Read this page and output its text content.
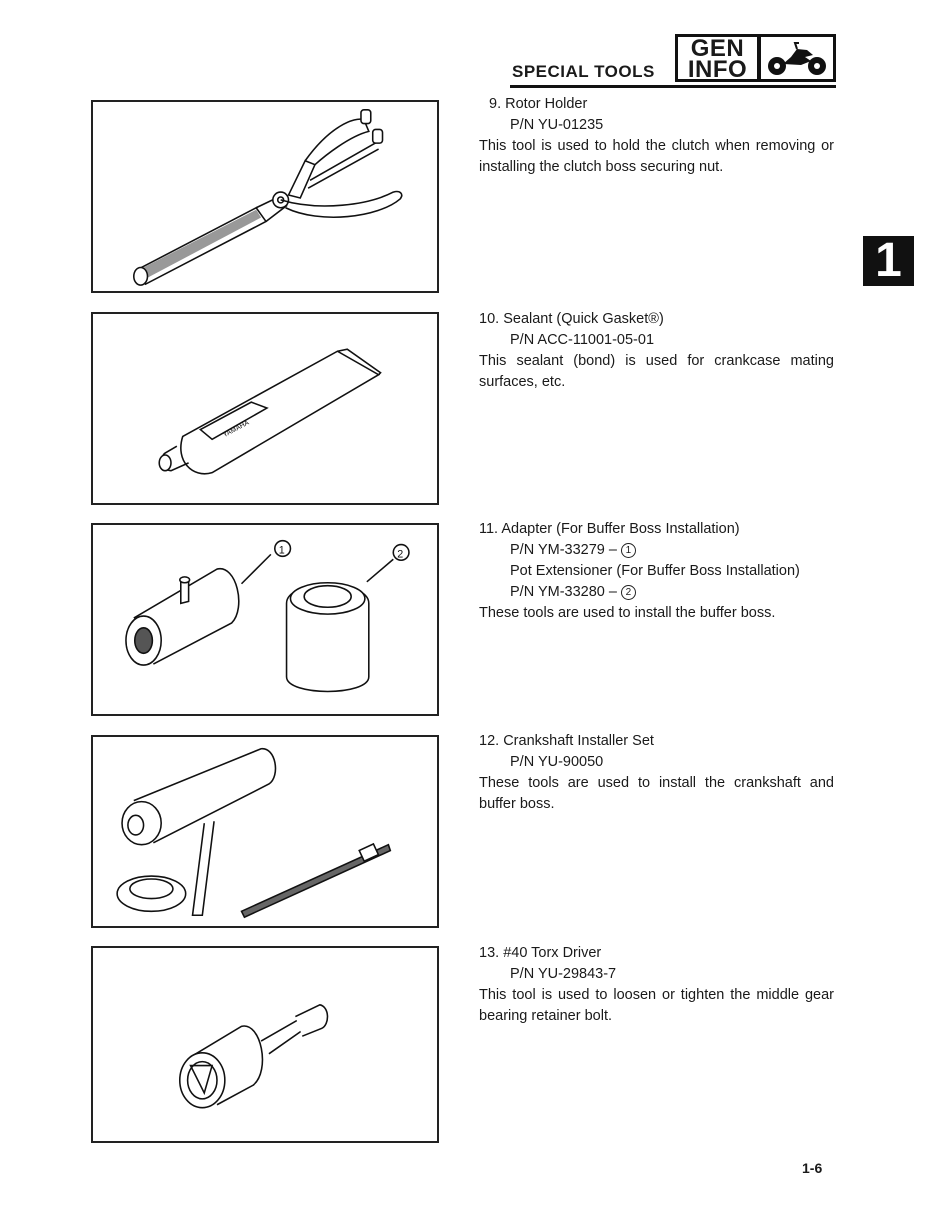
SPECIAL TOOLS
GEN
INFO
1
YAMAHA
1	2
9. Rotor Holder
P/N YU-01235
This tool is used to hold the clutch when removing or installing the clutch boss securing nut.
10. Sealant (Quick Gasket®)
P/N ACC-11001-05-01
This sealant (bond) is used for crankcase mating surfaces, etc.
11. Adapter (For Buffer Boss Installation)
P/N YM-33279 – 1
Pot Extensioner (For Buffer Boss Installation)
P/N YM-33280 – 2
These tools are used to install the buffer boss.
12. Crankshaft Installer Set
P/N YU-90050
These tools are used to install the crankshaft and buffer boss.
13. #40 Torx Driver
P/N YU-29843-7
This tool is used to loosen or tighten the middle gear bearing retainer bolt.
1-6
